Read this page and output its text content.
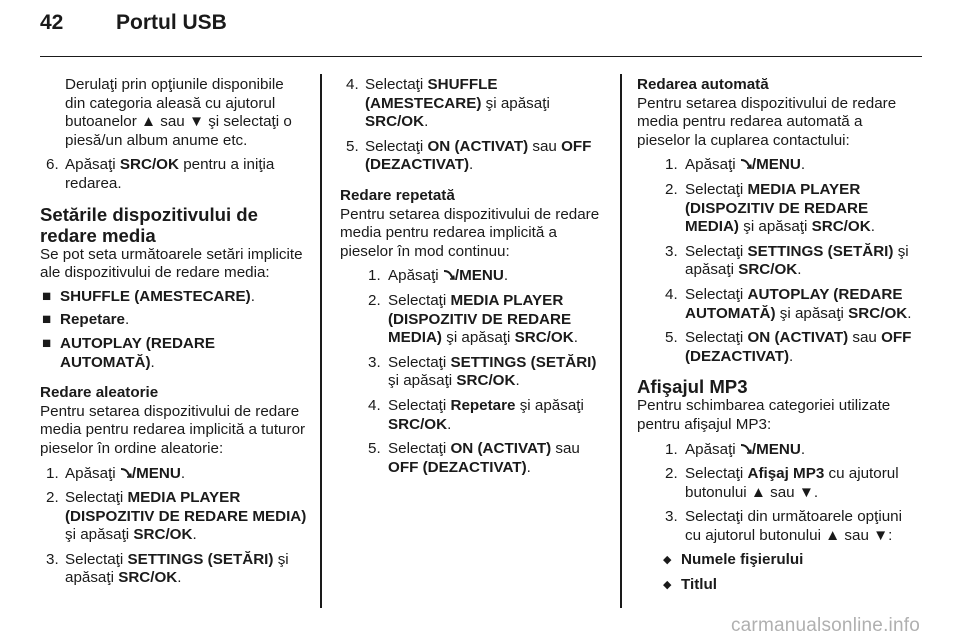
42	Portul USB

Derulaţi prin opţiunile disponibile din categoria aleasă cu ajutorul butoanelor ▲ sau ▼ şi selectaţi o piesă/un album anume etc.

6. Apăsaţi SRC/OK pentru a iniţia redarea.
Setările dispozitivului de redare media

Se pot seta următoarele setări implicite ale dispozitivului de redare media:

■ SHUFFLE (AMESTECARE).
■ Repetare.
■ AUTOPLAY (REDARE AUTOMATĂ).

Redare aleatorie

Pentru setarea dispozitivului de redare media pentru redarea implicită a tuturor pieselor în ordine aleatorie:

1. Apăsaţi /MENU.
2. Selectaţi MEDIA PLAYER (DISPOZITIV DE REDARE MEDIA) şi apăsaţi SRC/OK.
3. Selectaţi SETTINGS (SETĂRI) şi apăsaţi SRC/OK.
4. Selectaţi SHUFFLE (AMESTECARE) şi apăsaţi SRC/OK.
5. Selectaţi ON (ACTIVAT) sau OFF (DEZACTIVAT).

Redare repetată

Pentru setarea dispozitivului de redare media pentru redarea implicită a pieselor în mod continuu:

1. Apăsaţi /MENU.
2. Selectaţi MEDIA PLAYER (DISPOZITIV DE REDARE MEDIA) şi apăsaţi SRC/OK.
3. Selectaţi SETTINGS (SETĂRI) şi apăsaţi SRC/OK.
4. Selectaţi Repetare şi apăsaţi SRC/OK.
5. Selectaţi ON (ACTIVAT) sau OFF (DEZACTIVAT).

Redarea automată

Pentru setarea dispozitivului de redare media pentru redarea automată a pieselor la cuplarea contactului:

1. Apăsaţi /MENU.
2. Selectaţi MEDIA PLAYER (DISPOZITIV DE REDARE MEDIA) şi apăsaţi SRC/OK.
3. Selectaţi SETTINGS (SETĂRI) şi apăsaţi SRC/OK.
4. Selectaţi AUTOPLAY (REDARE AUTOMATĂ) şi apăsaţi SRC/OK.
5. Selectaţi ON (ACTIVAT) sau OFF (DEZACTIVAT).
Afişajul MP3

Pentru schimbarea categoriei utilizate pentru afişajul MP3:

1. Apăsaţi /MENU.
2. Selectaţi Afişaj MP3 cu ajutorul butonului ▲ sau ▼.
3. Selectaţi din următoarele opţiuni cu ajutorul butonului ▲ sau ▼:
◆ Numele fişierului
◆ Titlul
carmanualsonline.info
